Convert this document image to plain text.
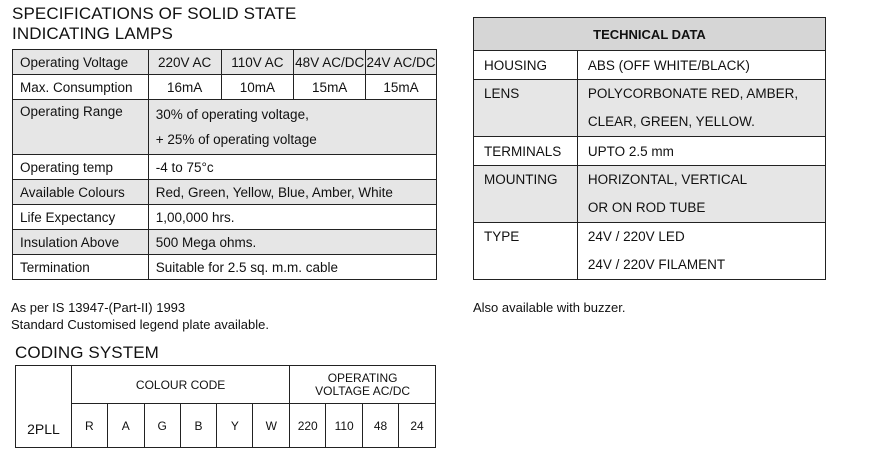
SPECIFICATIONS OF SOLID STATE
INDICATING LAMPS
Operating Voltage	220V AC	110V AC	48V AC/DC	24V AC/DC
Max. Consumption	16mA	10mA	15mA	15mA
Operating Range	30% of operating voltage,
+ 25% of operating voltage			

Operating temp	-4 to 75°c			
Available Colours	Red, Green, Yellow, Blue, Amber, White			
Life Expectancy	1,00,000 hrs.			
Insulation Above	500 Mega ohms.			
Termination	Suitable for 2.5 sq. m.m. cable			
TECHNICAL DATA	
HOUSING	ABS (OFF WHITE/BLACK)
LENS	POLYCORBONATE RED, AMBER,
CLEAR, GREEN, YELLOW.

TERMINALS	UPTO 2.5 mm
MOUNTING	HORIZONTAL, VERTICAL
OR ON ROD TUBE

TYPE	24V / 220V LED
24V / 220V FILAMENT
As per IS 13947-(Part-II) 1993
Standard Customised legend plate available.
Also available with buzzer.
CODING SYSTEM
2PLL	COLOUR CODE						OPERATING
VOLTAGE AC/DC			

	R	A	G	B	Y	W	220	110	48	24
